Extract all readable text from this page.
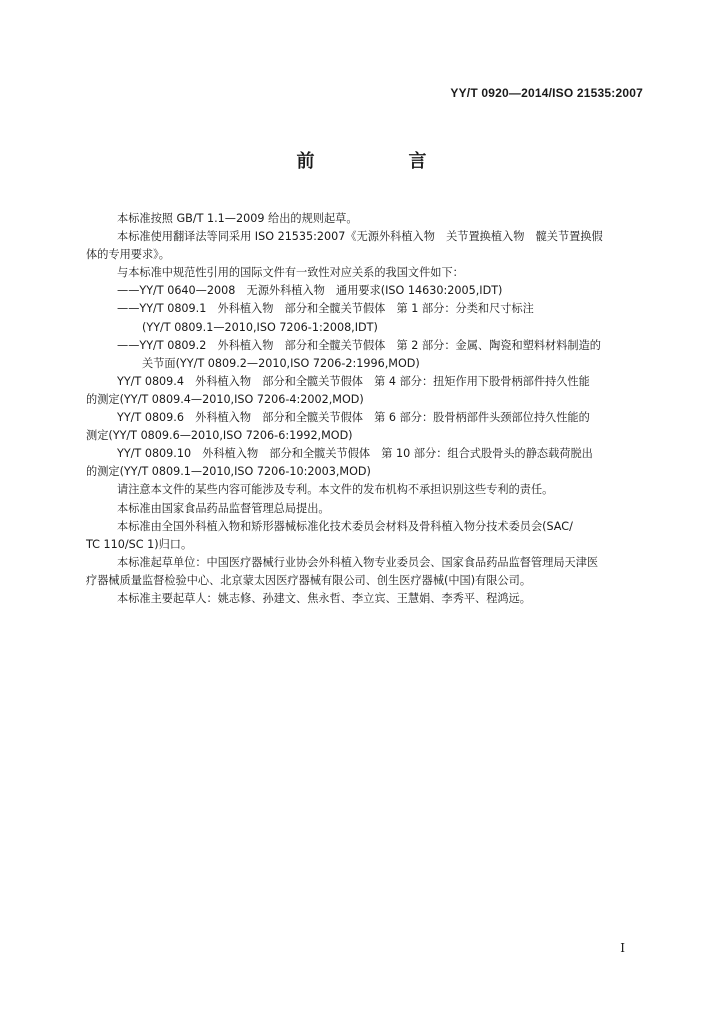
YY/T 0920—2014/ISO 21535:2007
前　言
本标准按照 GB/T 1.1—2009 给出的规则起草。
本标准使用翻译法等同采用 ISO 21535:2007《无源外科植入物　关节置换植入物　髋关节置换假
体的专用要求》。
与本标准中规范性引用的国际文件有一致性对应关系的我国文件如下：
——YY/T 0640—2008　无源外科植入物　通用要求(ISO 14630:2005,IDT)
——YY/T 0809.1　外科植入物　部分和全髋关节假体　第 1 部分：分类和尺寸标注
(YY/T 0809.1—2010,ISO 7206-1:2008,IDT)
——YY/T 0809.2　外科植入物　部分和全髋关节假体　第 2 部分：金属、陶瓷和塑料材料制造的
关节面(YY/T 0809.2—2010,ISO 7206-2:1996,MOD)
YY/T 0809.4　外科植入物　部分和全髋关节假体　第 4 部分：扭矩作用下股骨柄部件持久性能
的测定(YY/T 0809.4—2010,ISO 7206-4:2002,MOD)
YY/T 0809.6　外科植入物　部分和全髋关节假体　第 6 部分：股骨柄部件头颈部位持久性能的
测定(YY/T 0809.6—2010,ISO 7206-6:1992,MOD)
YY/T 0809.10　外科植入物　部分和全髋关节假体　第 10 部分：组合式股骨头的静态载荷脱出
的测定(YY/T 0809.1—2010,ISO 7206-10:2003,MOD)
请注意本文件的某些内容可能涉及专利。本文件的发布机构不承担识别这些专利的责任。
本标准由国家食品药品监督管理总局提出。
本标准由全国外科植入物和矫形器械标准化技术委员会材料及骨科植入物分技术委员会(SAC/
TC 110/SC 1)归口。
本标准起草单位：中国医疗器械行业协会外科植入物专业委员会、国家食品药品监督管理局天津医
疗器械质量监督检验中心、北京蒙太因医疗器械有限公司、创生医疗器械(中国)有限公司。
本标准主要起草人：姚志修、孙建文、焦永哲、李立宾、王慧娟、李秀平、程鸿远。
I
